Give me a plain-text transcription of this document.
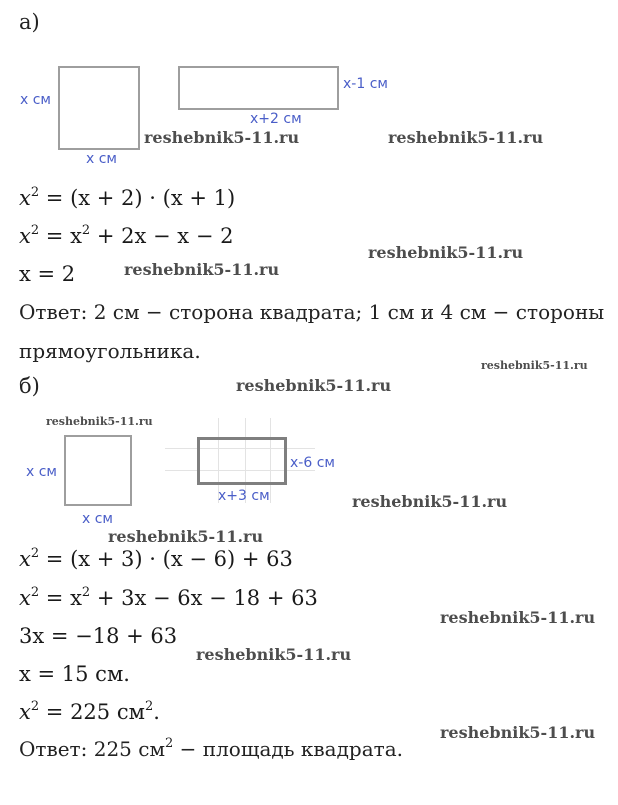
а)
x см
x см
x-1 см
x+2 см
reshebnik5-11.ru	reshebnik5-11.ru
$x^2 = (x + 2) \cdot (x + 1)$
$x^2 = x^2 + 2x - x - 2$
x = 2	reshebnik5-11.ru
reshebnik5-11.ru
Ответ: 2 см − сторона квадрата; 1 см и 4 см − стороны
прямоугольника.
reshebnik5-11.ru
б)	reshebnik5-11.ru
reshebnik5-11.ru
x см
x см
x-6 см
x+3 см	reshebnik5-11.ru
reshebnik5-11.ru
$x^2 = (x + 3) \cdot (x - 6) + 63$
$x^2 = x^2 + 3x - 6x - 18 + 63$
reshebnik5-11.ru
3x = −18 + 63
reshebnik5-11.ru
x = 15 см.
$x^2 = 225$ $см^2$.
reshebnik5-11.ru
Ответ: 225 $см^2$ − площадь квадрата.
